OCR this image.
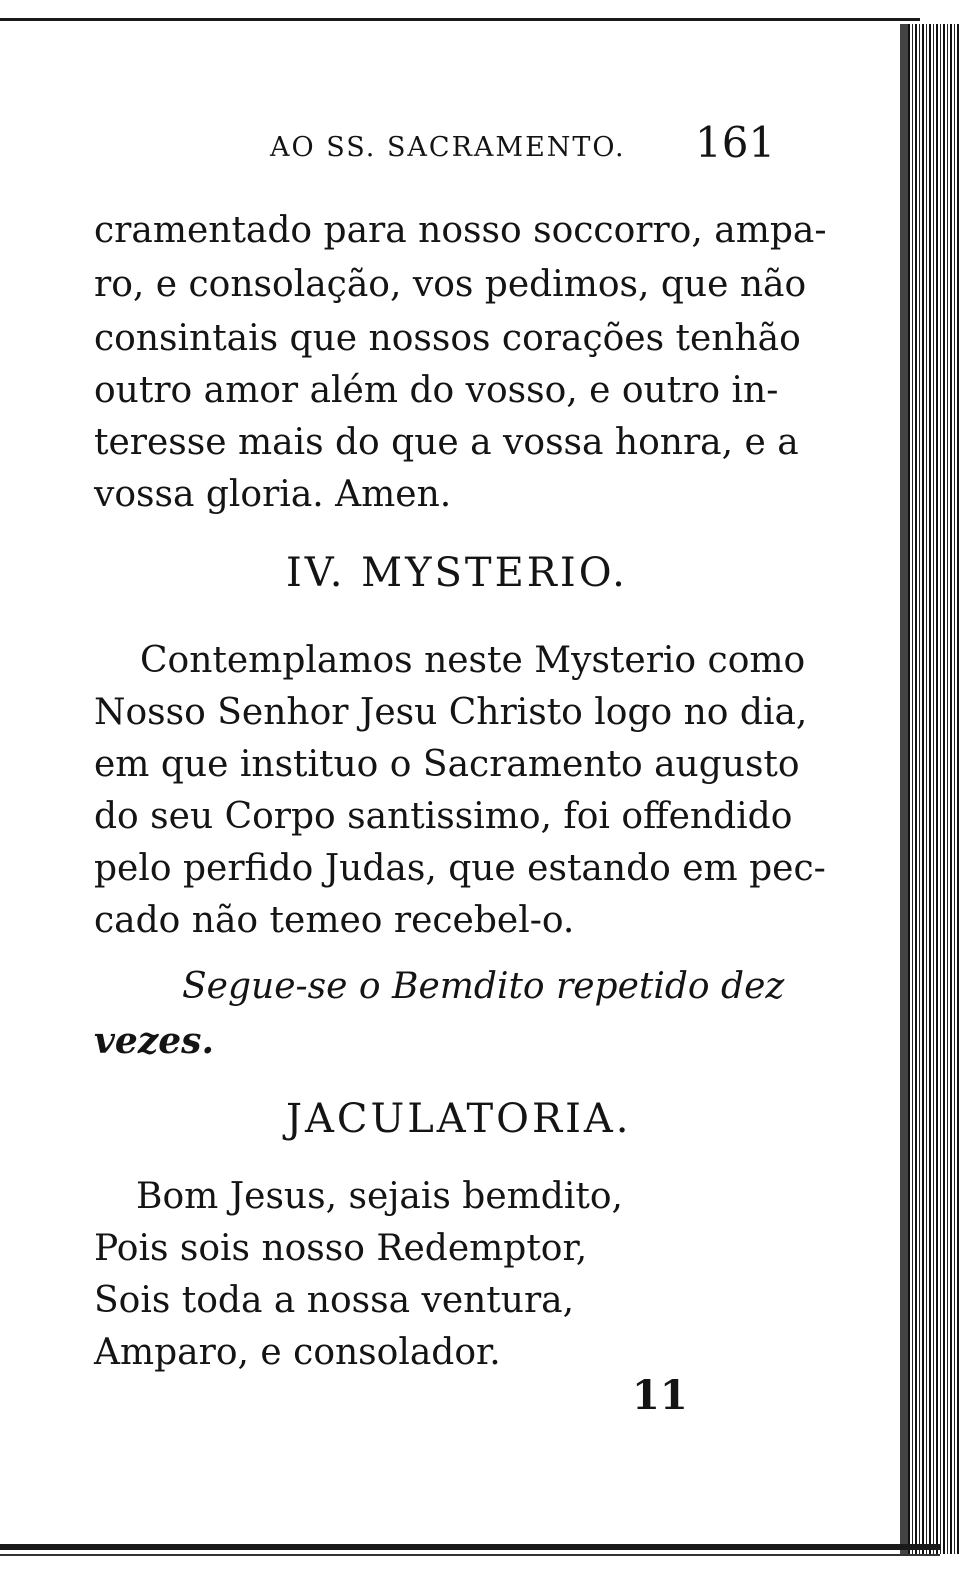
AO SS. SACRAMENTO. 161
cramentado para nosso soccorro, ampa-
ro, e consolação, vos pedimos, que não
consintais que nossos corações tenhão
outro amor além do vosso, e outro in-
teresse mais do que a vossa honra, e a
vossa gloria. Amen.
IV. MYSTERIO.
Contemplamos neste Mysterio como
Nosso Senhor Jesu Christo logo no dia,
em que instituo o Sacramento augusto
do seu Corpo santissimo, foi offendido
pelo perfido Judas, que estando em pec-
cado não temeo recebel-o.
Segue-se o Bemdito repetido dez
vezes.
JACULATORIA.
Bom Jesus, sejais bemdito,
Pois sois nosso Redemptor,
Sois toda a nossa ventura,
Amparo, e consolador.
11
